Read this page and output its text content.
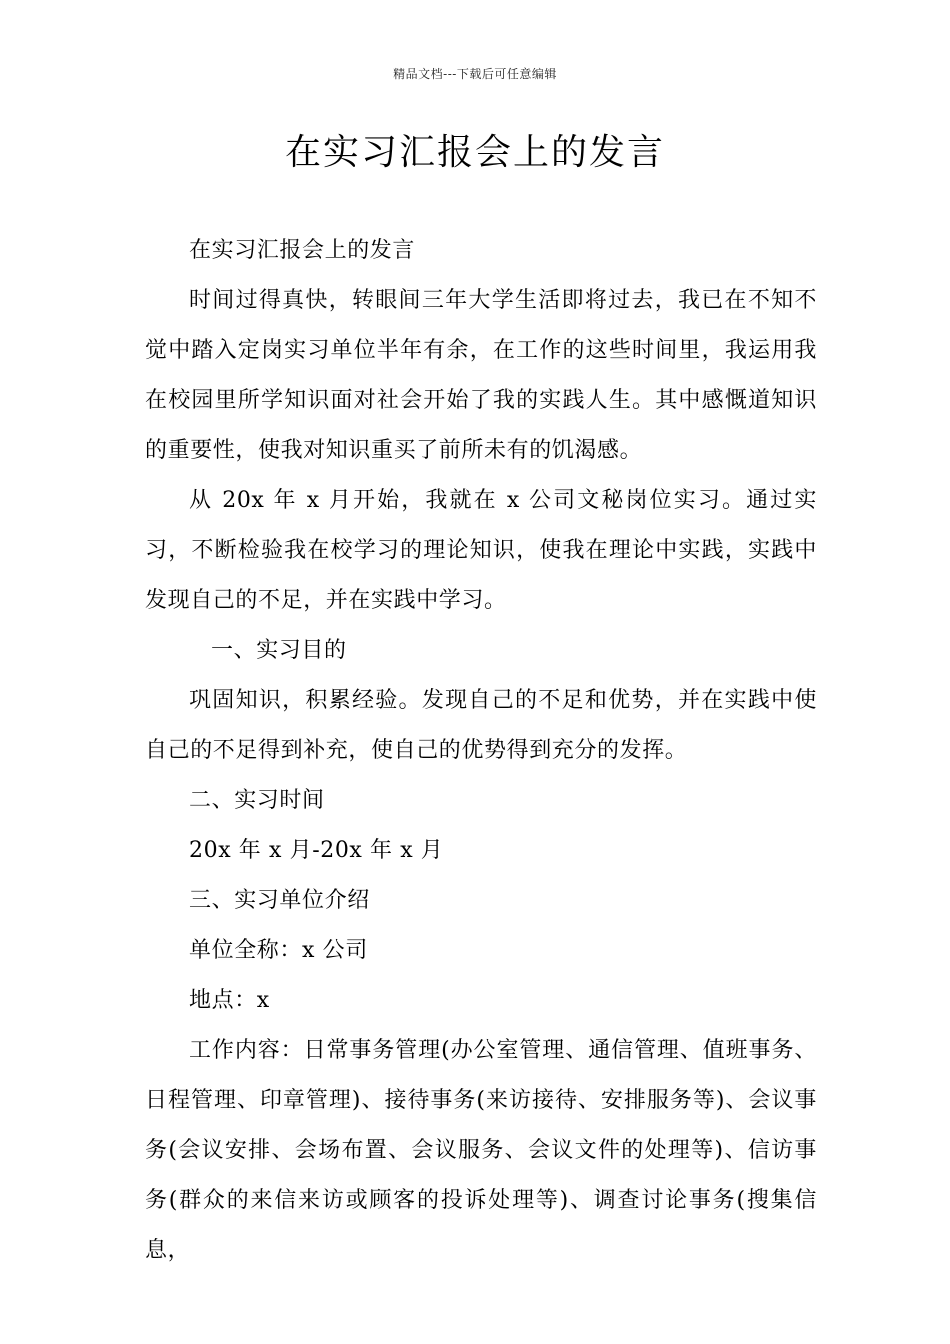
精品文档---下载后可任意编辑
在实习汇报会上的发言

在实习汇报会上的发言

时间过得真快，转眼间三年大学生活即将过去，我已在不知不觉中踏入定岗实习单位半年有余，在工作的这些时间里，我运用我在校园里所学知识面对社会开始了我的实践人生。其中感慨道知识的重要性，使我对知识重买了前所未有的饥渴感。

从 20x 年 x 月开始，我就在 x 公司文秘岗位实习。通过实习，不断检验我在校学习的理论知识，使我在理论中实践，实践中发现自己的不足，并在实践中学习。

一、实习目的

巩固知识，积累经验。发现自己的不足和优势，并在实践中使自己的不足得到补充，使自己的优势得到充分的发挥。

二、实习时间

20x 年 x 月-20x 年 x 月

三、实习单位介绍

单位全称：x 公司

地点：x

工作内容：日常事务管理(办公室管理、通信管理、值班事务、日程管理、印章管理)、接待事务(来访接待、安排服务等)、会议事务(会议安排、会场布置、会议服务、会议文件的处理等)、信访事务(群众的来信来访或顾客的投诉处理等)、调查讨论事务(搜集信息，
